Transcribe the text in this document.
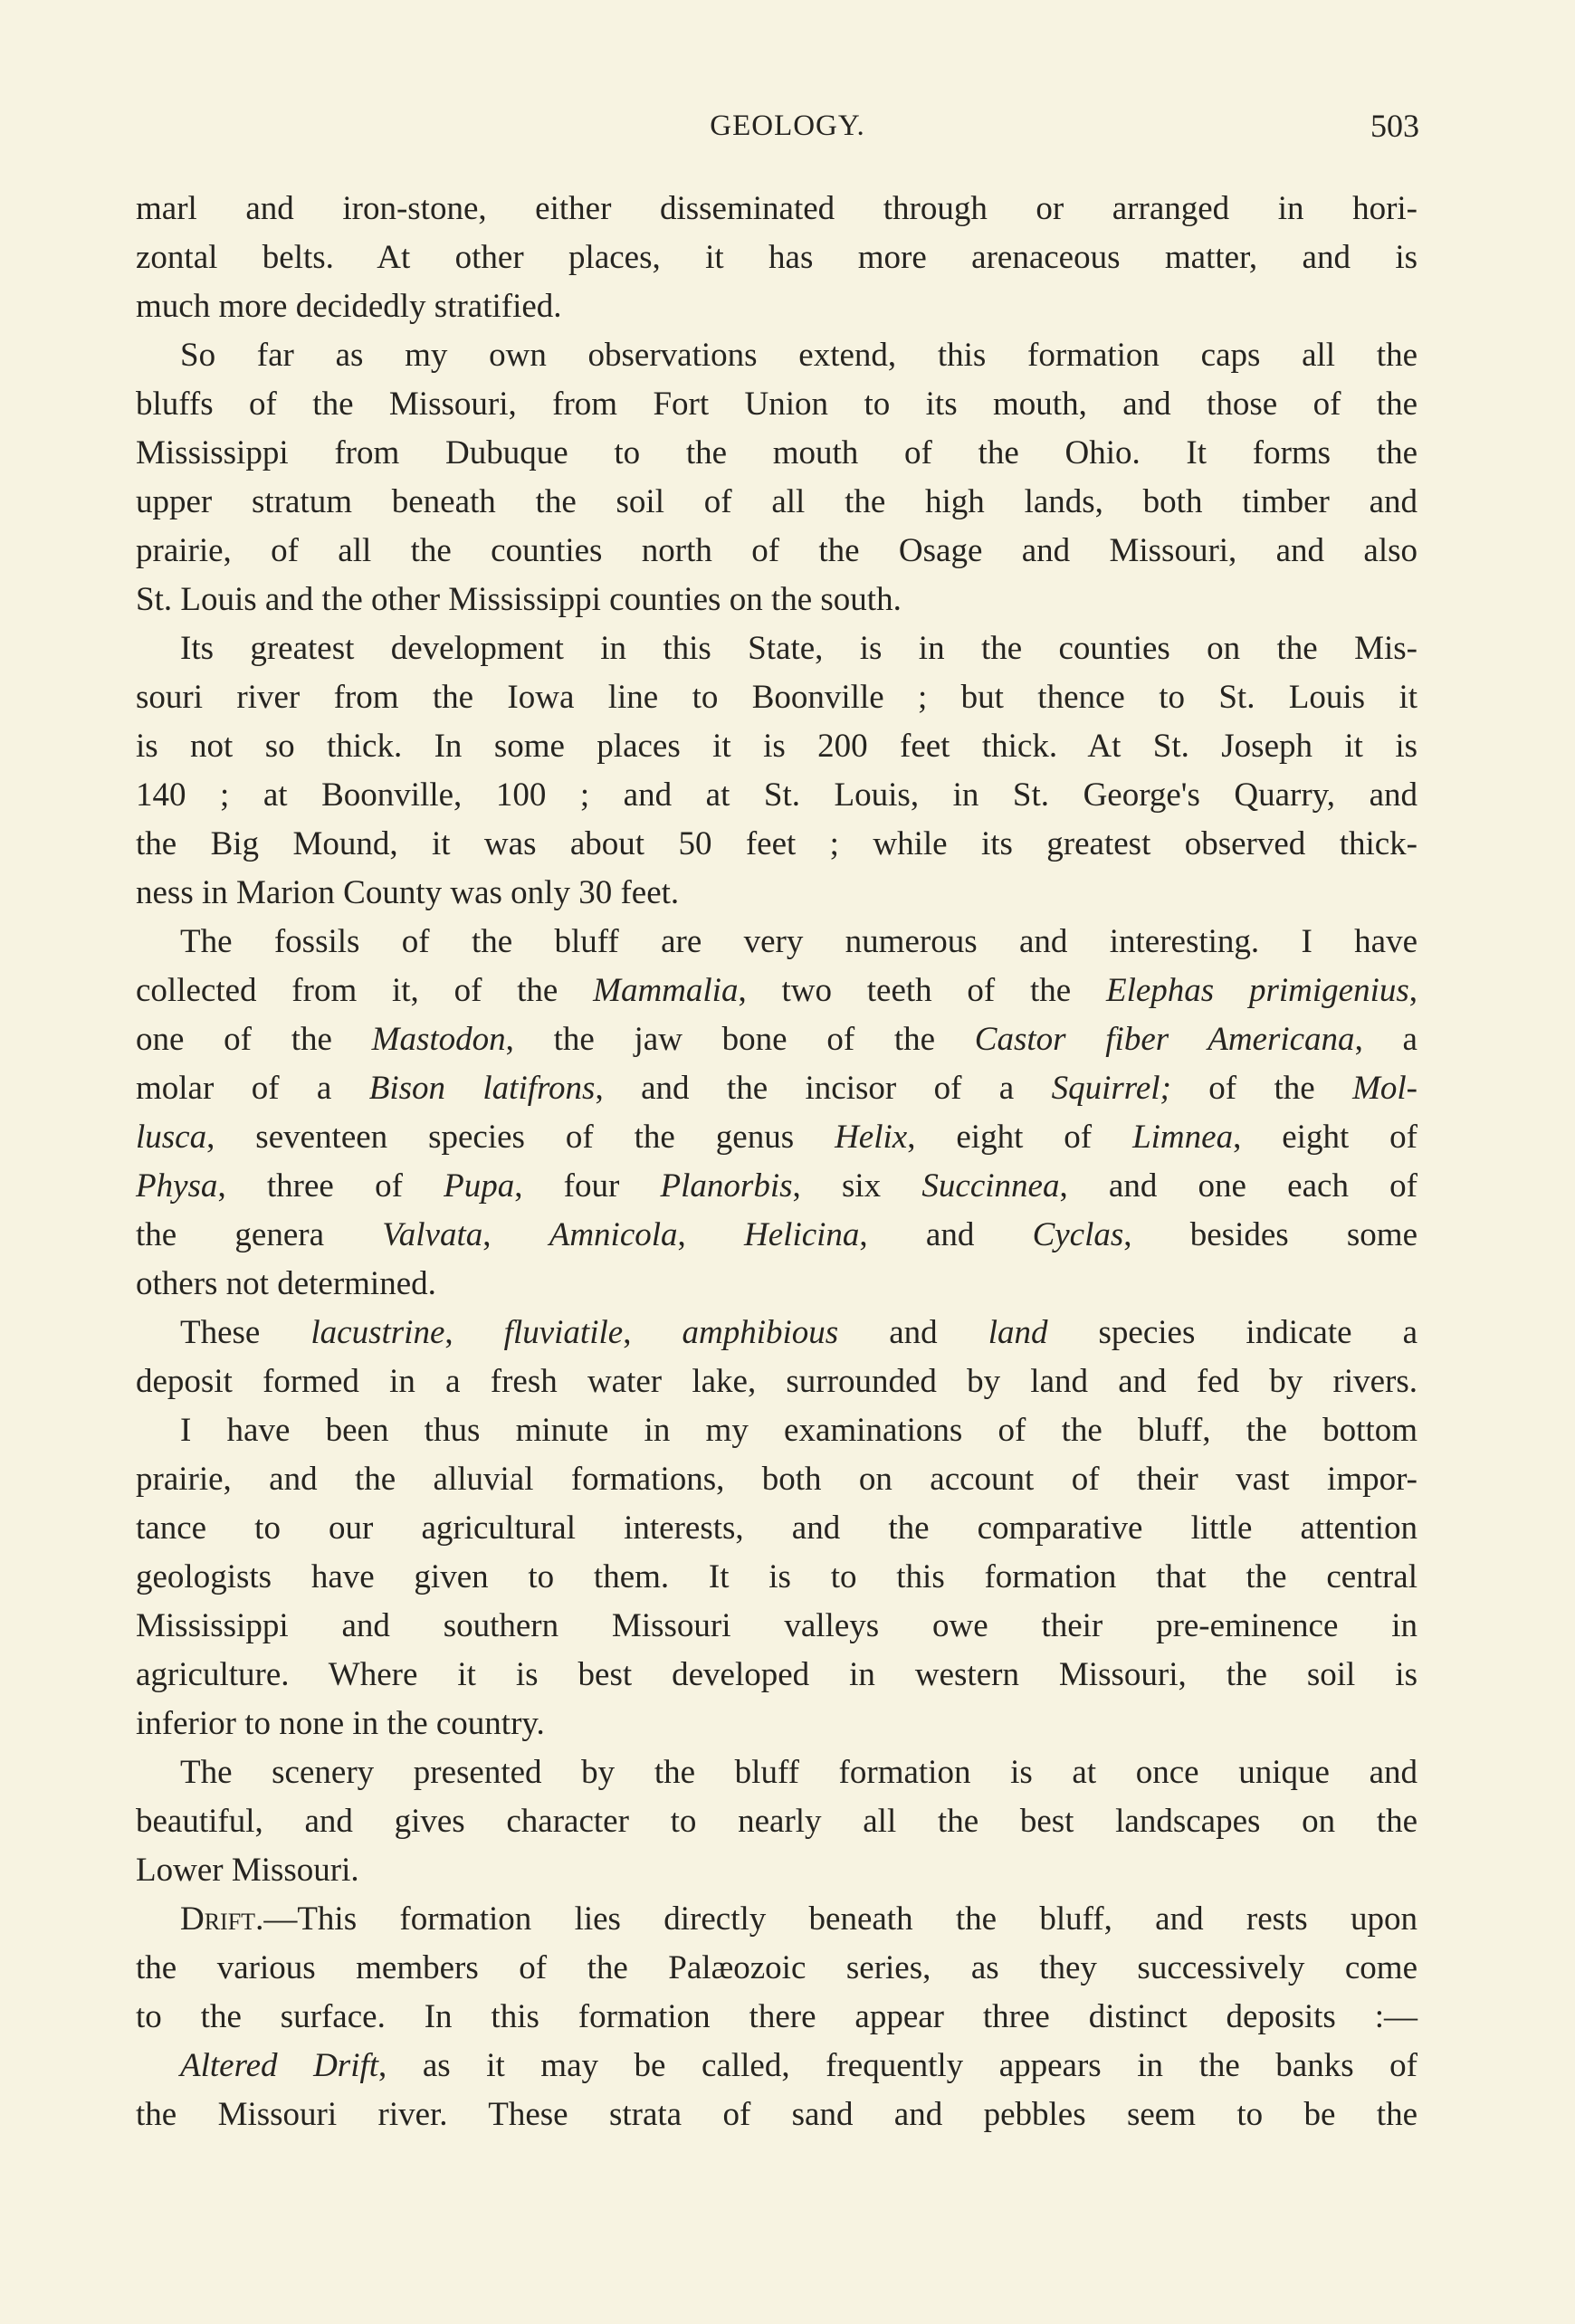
GEOLOGY.	503
marl and iron-stone, either disseminated through or arranged in hori-
zontal belts. At other places, it has more arenaceous matter, and is
much more decidedly stratified.
So far as my own observations extend, this formation caps all the
bluffs of the Missouri, from Fort Union to its mouth, and those of the
Mississippi from Dubuque to the mouth of the Ohio. It forms the
upper stratum beneath the soil of all the high lands, both timber and
prairie, of all the counties north of the Osage and Missouri, and also
St. Louis and the other Mississippi counties on the south.
Its greatest development in this State, is in the counties on the Mis-
souri river from the Iowa line to Boonville ; but thence to St. Louis it
is not so thick. In some places it is 200 feet thick. At St. Joseph it is
140 ; at Boonville, 100 ; and at St. Louis, in St. George's Quarry, and
the Big Mound, it was about 50 feet ; while its greatest observed thick-
ness in Marion County was only 30 feet.
The fossils of the bluff are very numerous and interesting. I have
collected from it, of the Mammalia, two teeth of the Elephas primigenius,
one of the Mastodon, the jaw bone of the Castor fiber Americana, a
molar of a Bison latifrons, and the incisor of a Squirrel; of the Mol-
lusca, seventeen species of the genus Helix, eight of Limnea, eight of
Physa, three of Pupa, four Planorbis, six Succinnea, and one each of
the genera Valvata, Amnicola, Helicina, and Cyclas, besides some
others not determined.
These lacustrine, fluviatile, amphibious and land species indicate a
deposit formed in a fresh water lake, surrounded by land and fed by rivers.
I have been thus minute in my examinations of the bluff, the bottom
prairie, and the alluvial formations, both on account of their vast impor-
tance to our agricultural interests, and the comparative little attention
geologists have given to them. It is to this formation that the central
Mississippi and southern Missouri valleys owe their pre-eminence in
agriculture. Where it is best developed in western Missouri, the soil is
inferior to none in the country.
The scenery presented by the bluff formation is at once unique and
beautiful, and gives character to nearly all the best landscapes on the
Lower Missouri.
Drift.—This formation lies directly beneath the bluff, and rests upon
the various members of the Palæozoic series, as they successively come
to the surface. In this formation there appear three distinct deposits :—
Altered Drift, as it may be called, frequently appears in the banks of
the Missouri river. These strata of sand and pebbles seem to be the
